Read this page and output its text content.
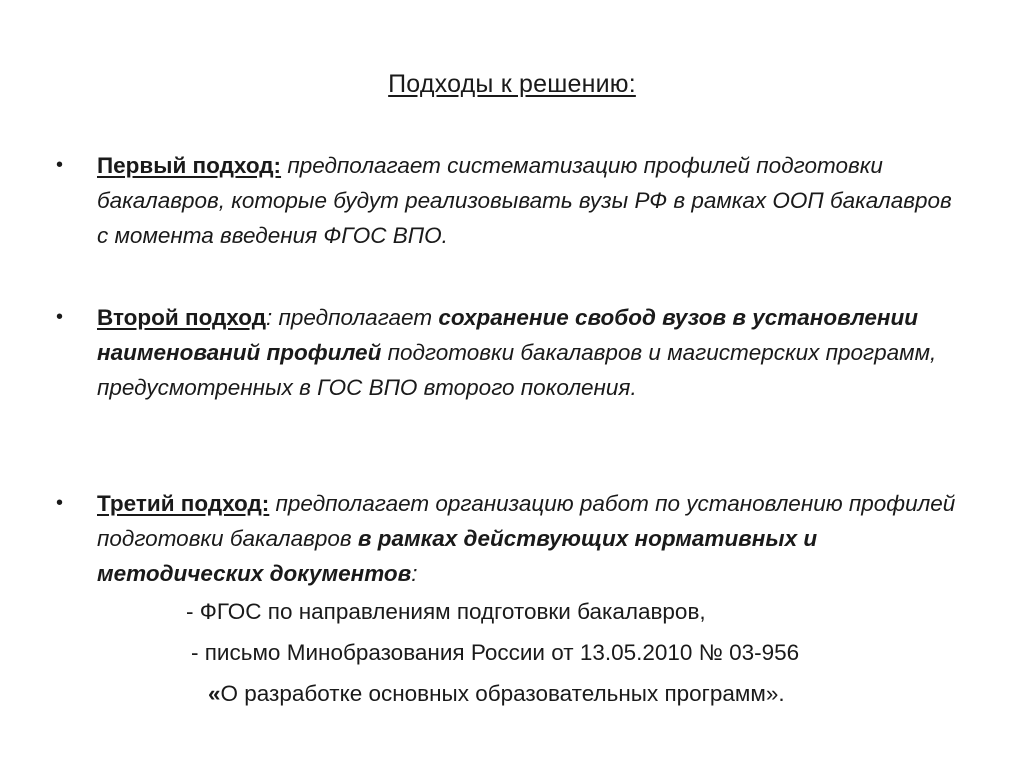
Подходы к решению:
• Первый подход: предполагает систематизацию профилей подготовки бакалавров, которые будут реализовывать вузы РФ в рамках ООП бакалавров с момента введения ФГОС ВПО.
• Второй подход: предполагает сохранение свобод вузов в установлении наименований профилей подготовки бакалавров и магистерских программ, предусмотренных в ГОС ВПО второго поколения.
• Третий подход: предполагает организацию работ по установлению профилей подготовки бакалавров в рамках действующих нормативных и методических документов:
- ФГОС по направлениям подготовки бакалавров,
- письмо Минобразования России от 13.05.2010 № 03-956
«О разработке основных образовательных программ».
